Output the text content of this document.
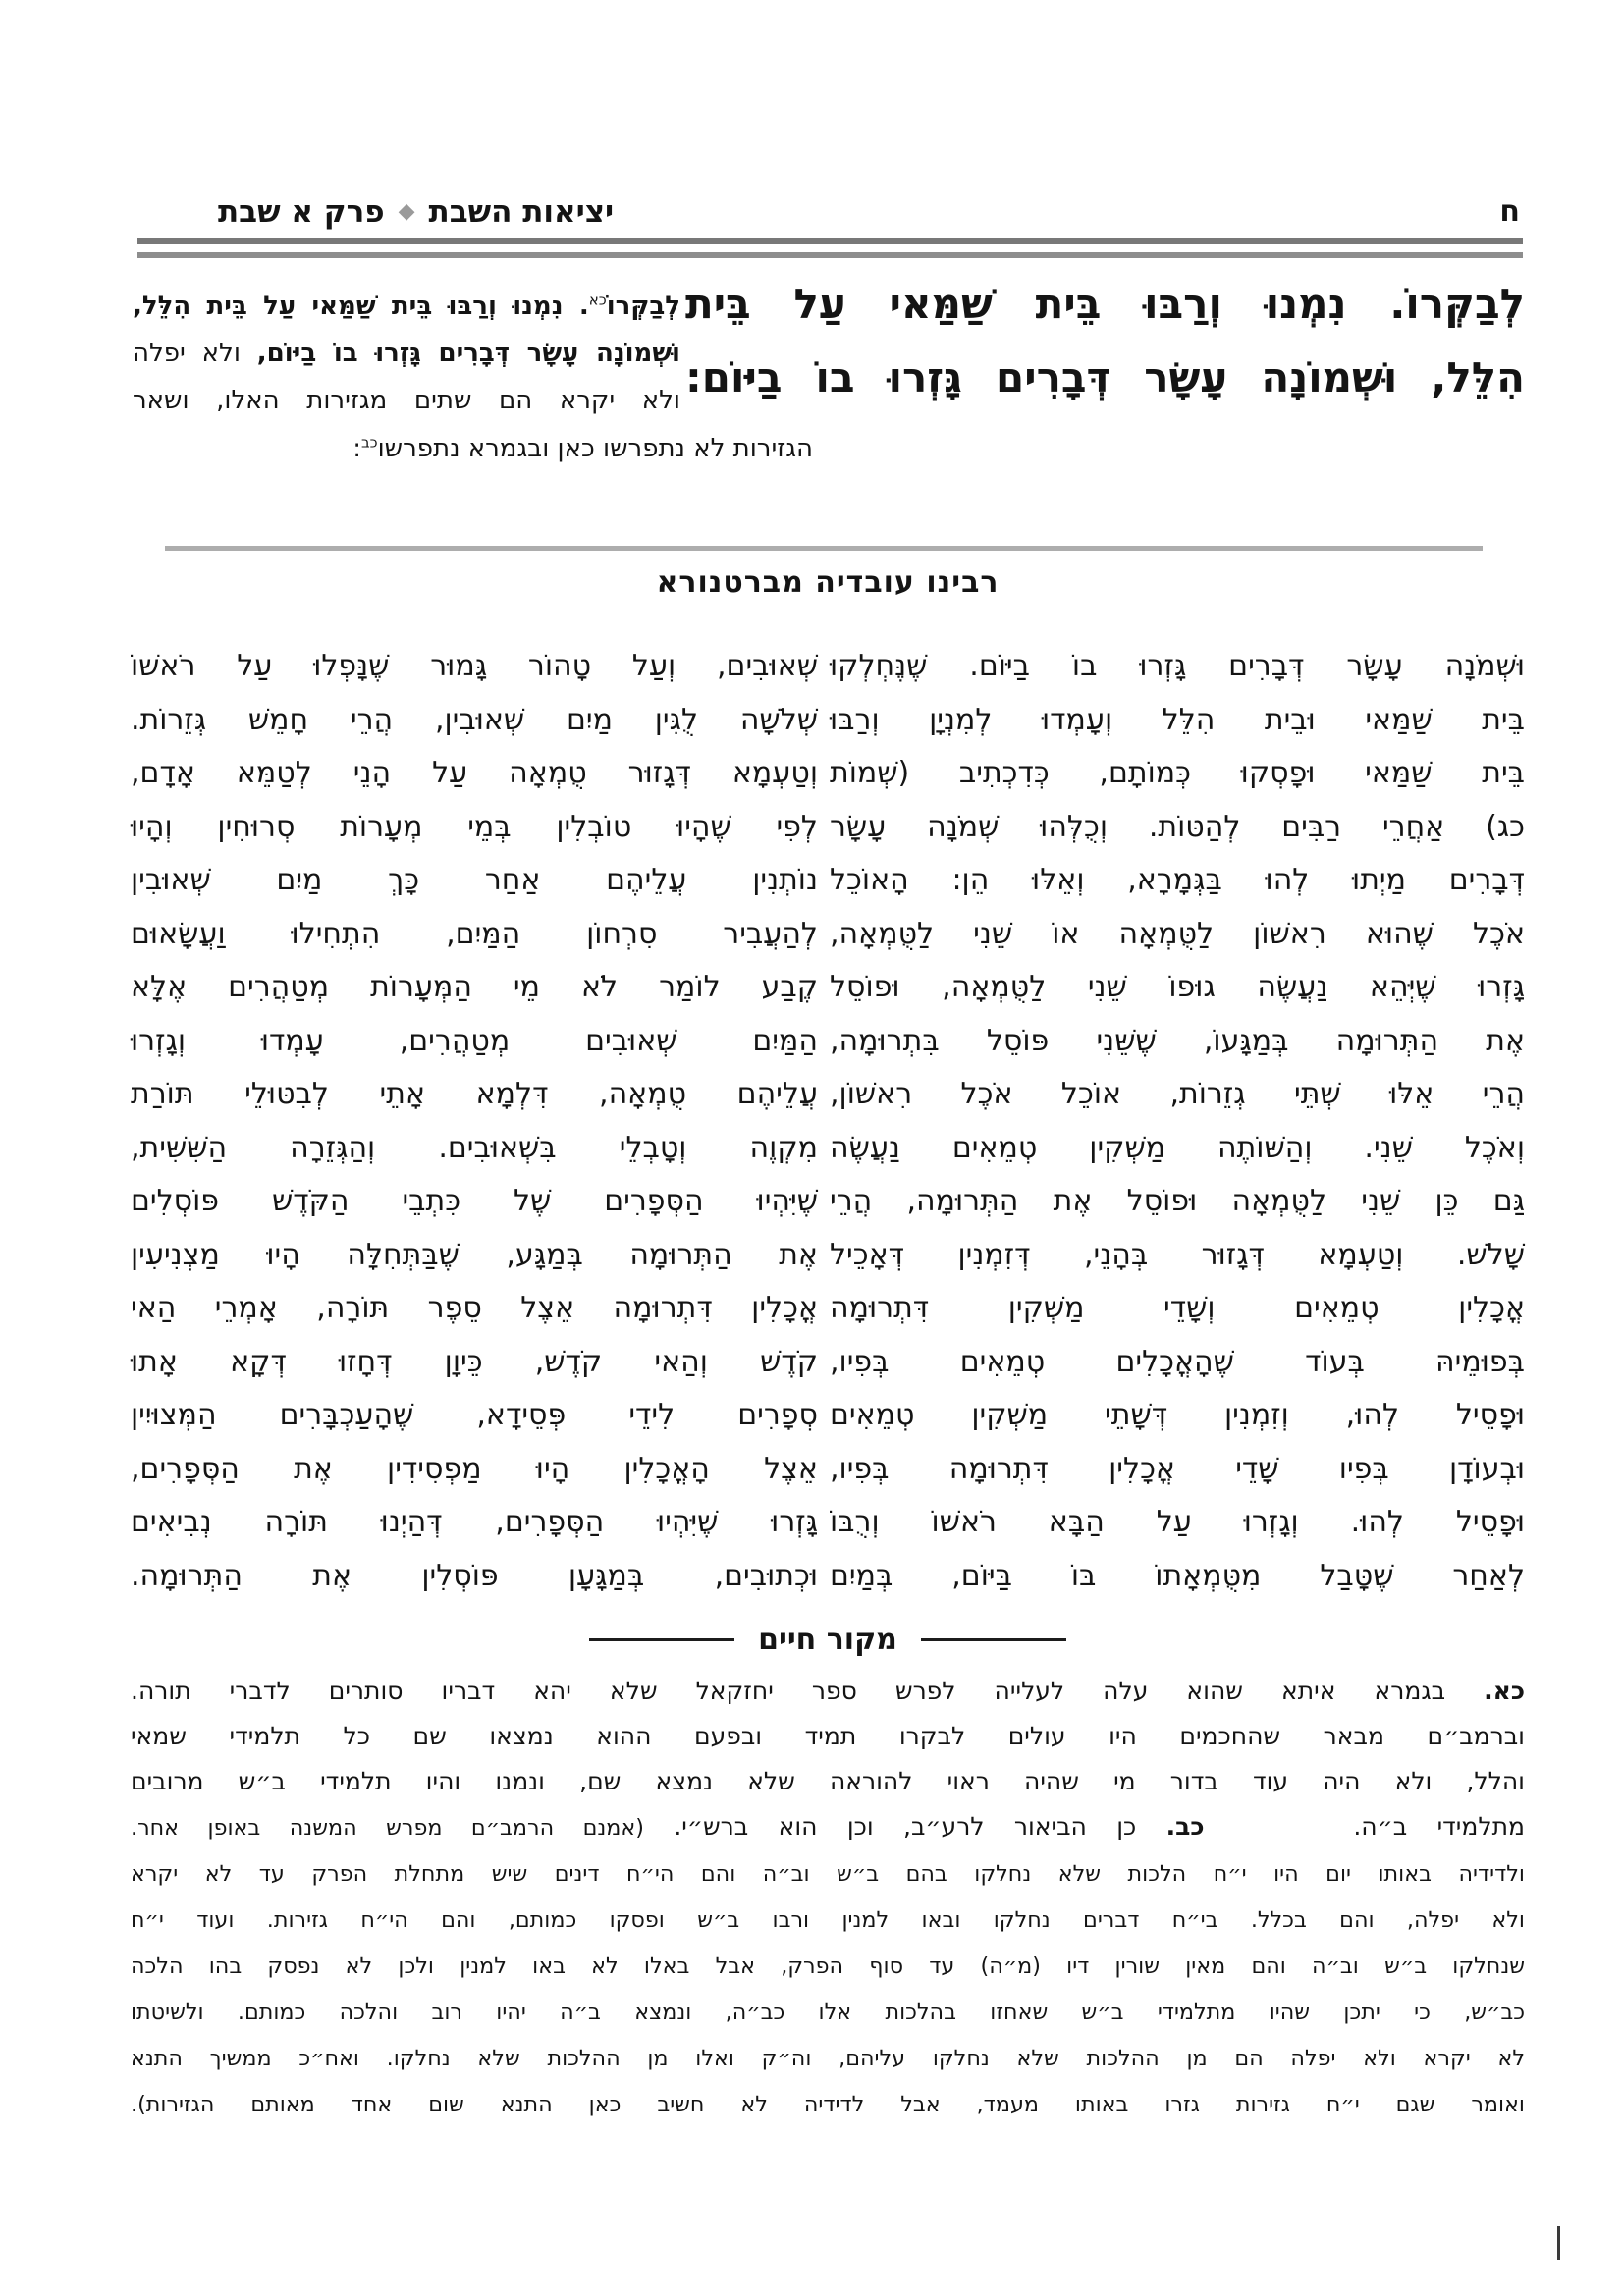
יציאות השבת
◆
פרק א שבת	ח
לְבַקְּרוֹ. נִמְנוּ וְרַבּוּ בֵּית שַׁמַּאי עַל בֵּית
הִלֵּל, וּשְׁמוֹנָה עָשָׂר דְּבָרִים גָּזְרוּ בוֹ בַיּוֹם:
לְבַקְּרוֹ$^{כא}$. נִמְנוּ וְרַבּוּ בֵּית שַׁמַּאי עַל בֵּית הִלֵּל,
וּשְׁמוֹנָה עָשָׂר דְּבָרִים גָּזְרוּ בוֹ בַיּוֹם, ולא יפלה
ולא יקרא הם שתים מגזירות האלו, ושאר
הגזירות לא נתפרשו כאן ובגמרא נתפרשו$^{כב}$:
רבינו עובדיה מברטנורא
וּשְׁמֹנָה עָשָׂר דְּבָרִים גָּזְרוּ בוֹ בַיּוֹם. שֶׁנֶּחְלְקוּ
בֵּית שַׁמַּאי וּבֵית הִלֵּל וְעָמְדוּ לְמִנְיָן וְרַבּוּ
בֵּית שַׁמַּאי וּפָסְקוּ כְּמוֹתָם, כְּדִכְתִיב (שְׁמוֹת
כג) אַחֲרֵי רַבִּים לְהַטּוֹת. וְכֻלְּהוּ שְׁמֹנָה עָשָׂר
דְּבָרִים מַיְתוּ לְהוּ בַּגְּמָרָא, וְאֵלּוּ הֵן: הָאוֹכֵל
אֹכֶל שֶׁהוּא רִאשׁוֹן לַטֻּמְאָה אוֹ שֵׁנִי לַטֻּמְאָה,
גָּזְרוּ שֶׁיְּהֵא נַעֲשֶׂה גוּפוֹ שֵׁנִי לַטֻּמְאָה, וּפוֹסֵל
אֶת הַתְּרוּמָה בְּמַגָּעוֹ, שֶׁשֵּׁנִי פּוֹסֵל בִּתְרוּמָה,
הֲרֵי אֵלּוּ שְׁתֵּי גְזֵרוֹת, אוֹכֵל אֹכֶל רִאשׁוֹן,
וְאֹכֶל שֵׁנִי. וְהַשּׁוֹתֶה מַשְׁקִין טְמֵאִים נַעֲשֶׂה
גַּם כֵּן שֵׁנִי לַטֻּמְאָה וּפוֹסֵל אֶת הַתְּרוּמָה, הֲרֵי
שָׁלֹשׁ. וְטַעְמָא דְּגָזוּר בְּהָנֵי, דְּזִמְנִין דְּאָכֵיל
אֳכָלִין טְמֵאִים וְשָׁדֵי מַשְׁקִין דִּתְרוּמָה
בְּפוּמֵיהּ בְּעוֹד שֶׁהָאֳכָלִים טְמֵאִים בְּפִיו,
וּפָסֵיל לְהוּ, וְזִמְנִין דְּשָׁתֵי מַשְׁקִין טְמֵאִים
וּבְעוֹדָן בְּפִיו שָׁדֵי אֳכָלִין דִּתְרוּמָה בְּפִיו,
וּפָסֵיל לְהוּ. וְגָזְרוּ עַל הַבָּא רֹאשׁוֹ וְרֻבּוֹ
לְאַחַר שֶׁטָּבַל מִטֻּמְאָתוֹ בּוֹ בַּיּוֹם, בְּמַיִם
שְׁאוּבִים, וְעַל טָהוֹר גָּמוּר שֶׁנָּפְלוּ עַל רֹאשׁוֹ
שְׁלֹשָׁה לֻגִּין מַיִם שְׁאוּבִין, הֲרֵי חָמֵשׁ גְּזֵרוֹת.
וְטַעְמָא דְּגָזוּר טֻמְאָה עַל הָנֵי לְטַמֵּא אָדָם,
לְפִי שֶׁהָיוּ טוֹבְלִין בְּמֵי מְעָרוֹת סְרוּחִין וְהָיוּ
נוֹתְנִין עֲלֵיהֶם אַחַר כָּךְ מַיִם שְׁאוּבִין
לְהַעֲבִיר סִרְחוֹן הַמַּיִם, הִתְחִילוּ וַעֲשָׂאוּם
קֶבַע לוֹמַר לֹא מֵי הַמְּעָרוֹת מְטַהֲרִים אֶלָּא
הַמַּיִם שְׁאוּבִים מְטַהֲרִים, עָמְדוּ וְגָזְרוּ
עֲלֵיהֶם טֻמְאָה, דִּלְמָא אָתֵי לְבִטּוּלֵי תּוֹרַת
מִקְוֶה וְטָבְלֵי בִּשְׁאוּבִים. וְהַגְּזֵרָה הַשִּׁשִּׁית,
שֶׁיִּהְיוּ הַסְּפָרִים שֶׁל כִּתְבֵי הַקֹּדֶשׁ פּוֹסְלִים
אֶת הַתְּרוּמָה בְּמַגָּע, שֶׁבַּתְּחִלָּה הָיוּ מַצְנִיעִין
אֳכָלִין דִּתְרוּמָה אֵצֶל סֵפֶר תּוֹרָה, אָמְרֵי הַאי
קֹדֶשׁ וְהַאי קֹדֶשׁ, כֵּיוָן דְּחָזוּ דְּקָא אָתוּ
סְפָרִים לִידֵי פְּסֵידָא, שֶׁהָעַכְבָּרִים הַמְּצוּיִין
אֵצֶל הָאֳכָלִין הָיוּ מַפְסִידִין אֶת הַסְּפָרִים,
גָּזְרוּ שֶׁיִּהְיוּ הַסְּפָרִים, דְּהַיְנוּ תּוֹרָה נְבִיאִים
וּכְתוּבִים, בְּמַגָּעָן פּוֹסְלִין אֶת הַתְּרוּמָה.
מקור חיים
כא. בגמרא איתא שהוא עלה לעלייה לפרש ספר יחזקאל שלא יהא דבריו סותרים לדברי תורה.
וברמב״ם מבאר שהחכמים היו עולים לבקרו תמיד ובפעם ההוא נמצאו שם כל תלמידי שמאי
והלל, ולא היה עוד בדור מי שהיה ראוי להוראה שלא נמצא שם, ונמנו והיו תלמידי ב״ש מרובים
מתלמידי ב״ה.     כב. כן הביאור לרע״ב, וכן הוא ברש״י. (אמנם הרמב״ם מפרש המשנה באופן אחר.
ולדידיה באותו יום היו י״ח הלכות שלא נחלקו בהם ב״ש וב״ה והם הי״ח דינים שיש מתחלת הפרק עד לא יקרא
ולא יפלה, והם בכלל. בי״ח דברים נחלקו ובאו למנין ורבו ב״ש ופסקו כמותם, והם הי״ח גזירות. ועוד י״ח
שנחלקו ב״ש וב״ה והם מאין שורין דיו (מ״ה) עד סוף הפרק, אבל באלו לא באו למנין ולכן לא נפסק בהו הלכה
כב״ש, כי יתכן שהיו מתלמידי ב״ש שאחזו בהלכות אלו כב״ה, ונמצא ב״ה יהיו רוב והלכה כמותם. ולשיטתו
לא יקרא ולא יפלה הם מן ההלכות שלא נחלקו עליהם, וה״ק ואלו מן ההלכות שלא נחלקו. ואח״כ ממשיך התנא
ואומר שגם י״ח גזירות גזרו באותו מעמד, אבל לדידיה לא חשיב כאן התנא שום אחד מאותם הגזירות).
